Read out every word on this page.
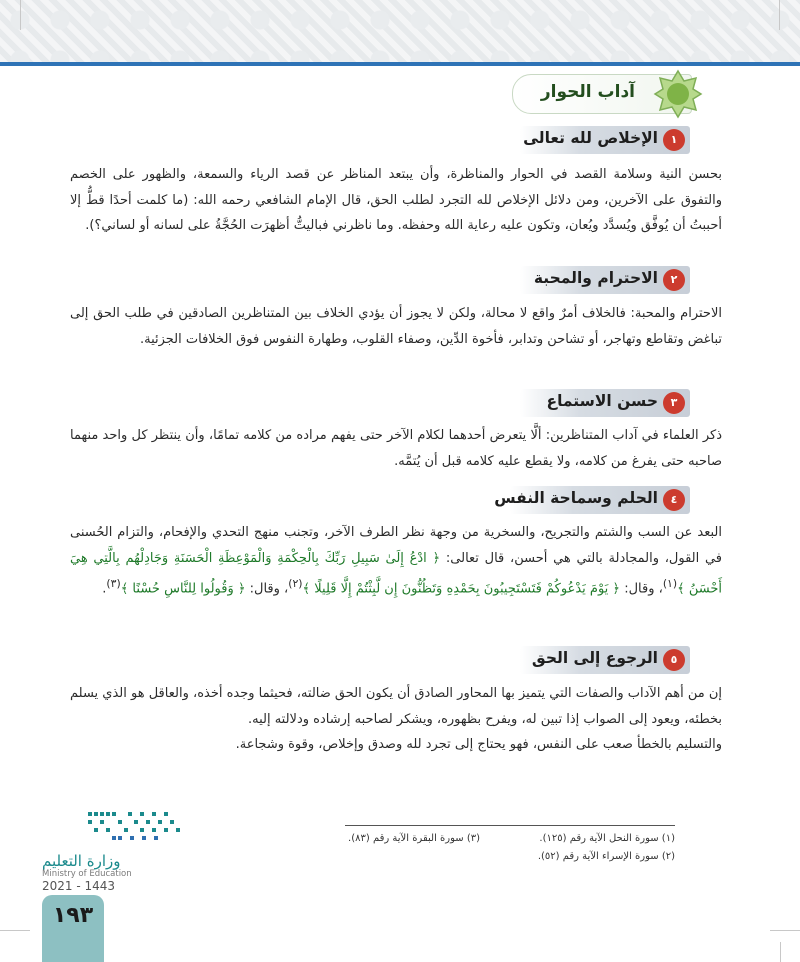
آداب الحوار
١
الإخلاص لله تعالى
بحسن النية وسلامة القصد في الحوار والمناظرة، وأن يبتعد المناظر عن قصد الرياء والسمعة، والظهور على الخصم والتفوق على الآخرين، ومن دلائل الإخلاص لله التجرد لطلب الحق، قال الإمام الشافعي رحمه الله: (ما كلمت أحدًا قطُّ إلا أحببتُ أن يُوفَّق ويُسدَّد ويُعان، وتكون عليه رعاية الله وحفظه. وما ناظرني فباليتُّ أظهرَت الحُجَّةُ على لسانه أو لساني؟).
٢
الاحترام والمحبة
الاحترام والمحبة: فالخلاف أمرٌ واقع لا محالة، ولكن لا يجوز أن يؤدي الخلاف بين المتناظرين الصادقين في طلب الحق إلى تباغض وتقاطع وتهاجر، أو تشاحن وتدابر، فأخوة الدِّين، وصفاء القلوب، وطهارة النفوس فوق الخلافات الجزئية.
٣
حسن الاستماع
ذكر العلماء في آداب المتناظرين: ألَّا يتعرض أحدهما لكلام الآخر حتى يفهم مراده من كلامه تمامًا، وأن ينتظر كل واحد منهما صاحبه حتى يفرغ من كلامه، ولا يقطع عليه كلامه قبل أن يُتمَّه.
٤
الحلم وسماحة النفس
البعد عن السب والشتم والتجريح، والسخرية من وجهة نظر الطرف الآخر، وتجنب منهج التحدي والإفحام، والتزام الحُسنى في القول، والمجادلة بالتي هي أحسن، قال تعالى: ﴿ ادْعُ إِلَىٰ سَبِيلِ رَبِّكَ بِالْحِكْمَةِ وَالْمَوْعِظَةِ الْحَسَنَةِ وَجَادِلْهُم بِالَّتِي هِيَ أَحْسَنُ ﴾$^{(١)}$، وقال: ﴿ يَوْمَ يَدْعُوكُمْ فَتَسْتَجِيبُونَ بِحَمْدِهِ وَتَظُنُّونَ إِن لَّبِثْتُمْ إِلَّا قَلِيلًا ﴾$^{(٢)}$، وقال: ﴿ وَقُولُوا لِلنَّاسِ حُسْنًا ﴾$^{(٣)}$.
٥
الرجوع إلى الحق
إن من أهم الآداب والصفات التي يتميز بها المحاور الصادق أن يكون الحق ضالته، فحيثما وجده أخذه، والعاقل هو الذي يسلم بخطئه، ويعود إلى الصواب إذا تبين له، ويفرح بظهوره، ويشكر لصاحبه إرشاده ودلالته إليه.
والتسليم بالخطأ صعب على النفس، فهو يحتاج إلى تجرد لله وصدق وإخلاص، وقوة وشجاعة.
(١) سورة النحل الآية رقم (١٢٥).
(٢) سورة الإسراء الآية رقم (٥٢).
(٣) سورة البقرة الآية رقم (٨٣).
وزارة التعليم
Ministry of Education
2021 - 1443
١٩٣
